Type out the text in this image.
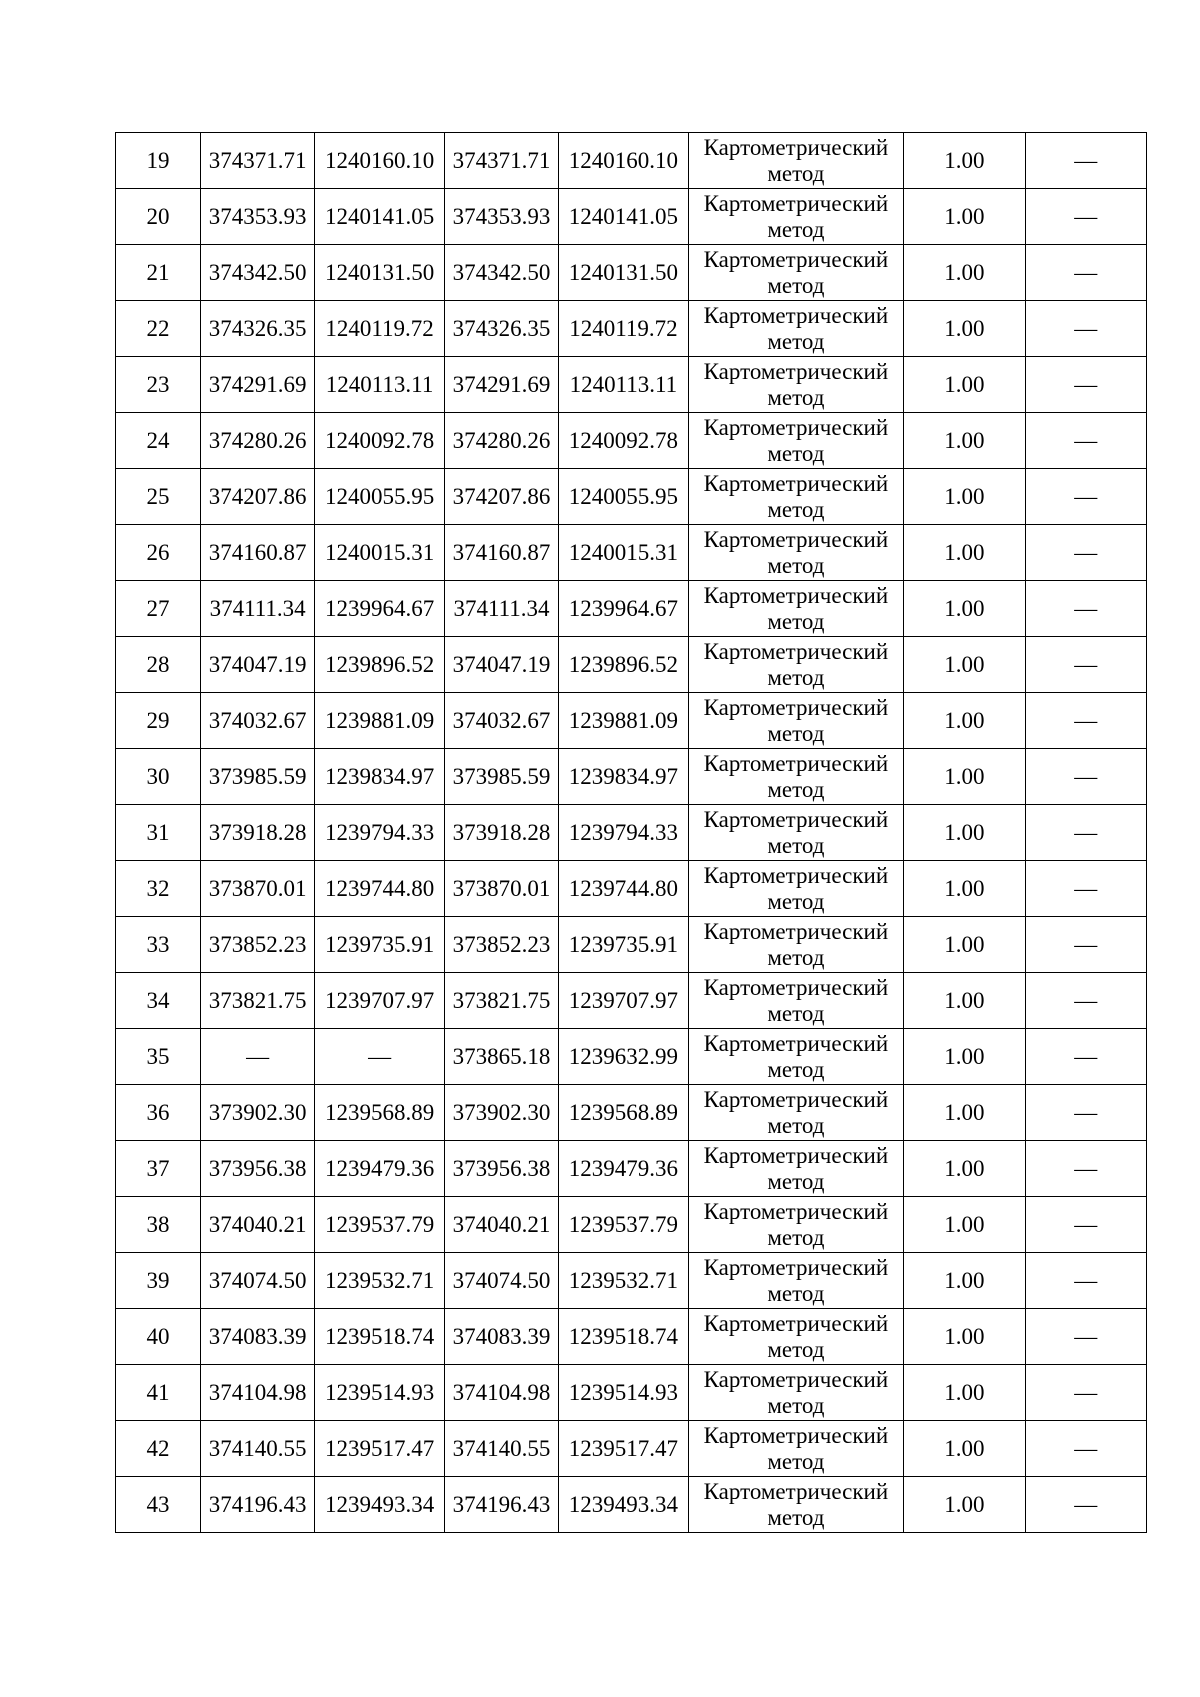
19	374371.71	1240160.10	374371.71	1240160.10	Картометрический
метод	1.00	—
20	374353.93	1240141.05	374353.93	1240141.05	Картометрический
метод	1.00	—
21	374342.50	1240131.50	374342.50	1240131.50	Картометрический
метод	1.00	—
22	374326.35	1240119.72	374326.35	1240119.72	Картометрический
метод	1.00	—
23	374291.69	1240113.11	374291.69	1240113.11	Картометрический
метод	1.00	—
24	374280.26	1240092.78	374280.26	1240092.78	Картометрический
метод	1.00	—
25	374207.86	1240055.95	374207.86	1240055.95	Картометрический
метод	1.00	—
26	374160.87	1240015.31	374160.87	1240015.31	Картометрический
метод	1.00	—
27	374111.34	1239964.67	374111.34	1239964.67	Картометрический
метод	1.00	—
28	374047.19	1239896.52	374047.19	1239896.52	Картометрический
метод	1.00	—
29	374032.67	1239881.09	374032.67	1239881.09	Картометрический
метод	1.00	—
30	373985.59	1239834.97	373985.59	1239834.97	Картометрический
метод	1.00	—
31	373918.28	1239794.33	373918.28	1239794.33	Картометрический
метод	1.00	—
32	373870.01	1239744.80	373870.01	1239744.80	Картометрический
метод	1.00	—
33	373852.23	1239735.91	373852.23	1239735.91	Картометрический
метод	1.00	—
34	373821.75	1239707.97	373821.75	1239707.97	Картометрический
метод	1.00	—
35	—	—	373865.18	1239632.99	Картометрический
метод	1.00	—
36	373902.30	1239568.89	373902.30	1239568.89	Картометрический
метод	1.00	—
37	373956.38	1239479.36	373956.38	1239479.36	Картометрический
метод	1.00	—
38	374040.21	1239537.79	374040.21	1239537.79	Картометрический
метод	1.00	—
39	374074.50	1239532.71	374074.50	1239532.71	Картометрический
метод	1.00	—
40	374083.39	1239518.74	374083.39	1239518.74	Картометрический
метод	1.00	—
41	374104.98	1239514.93	374104.98	1239514.93	Картометрический
метод	1.00	—
42	374140.55	1239517.47	374140.55	1239517.47	Картометрический
метод	1.00	—
43	374196.43	1239493.34	374196.43	1239493.34	Картометрический
метод	1.00	—
